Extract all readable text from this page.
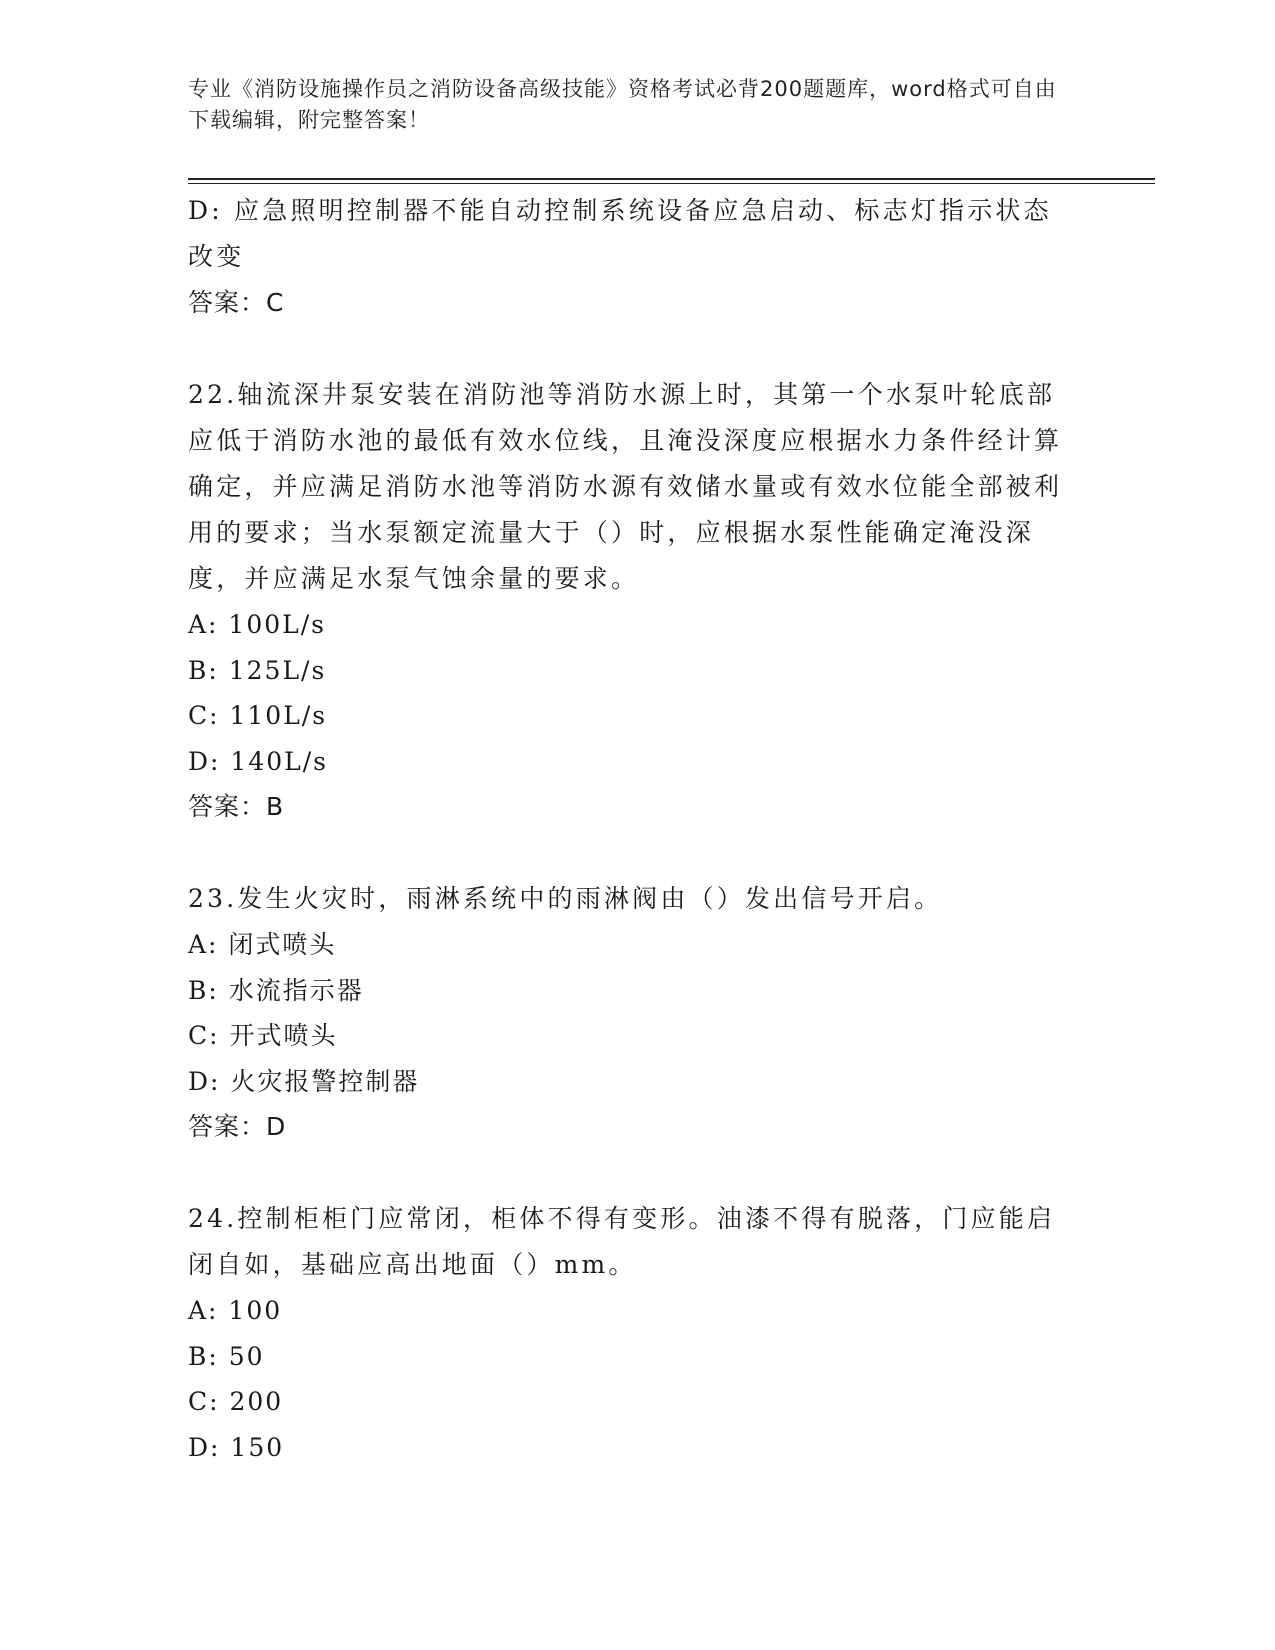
专业《消防设施操作员之消防设备高级技能》资格考试必背200题题库，word格式可自由下载编辑，附完整答案！
D: 应急照明控制器不能自动控制系统设备应急启动、标志灯指示状态改变
答案：C
22.轴流深井泵安装在消防池等消防水源上时，其第一个水泵叶轮底部应低于消防水池的最低有效水位线，且淹没深度应根据水力条件经计算确定，并应满足消防水池等消防水源有效储水量或有效水位能全部被利用的要求；当水泵额定流量大于（）时，应根据水泵性能确定淹没深度，并应满足水泵气蚀余量的要求。
A: 100L/s
B: 125L/s
C: 110L/s
D: 140L/s
答案：B
23.发生火灾时，雨淋系统中的雨淋阀由（）发出信号开启。
A: 闭式喷头
B: 水流指示器
C: 开式喷头
D: 火灾报警控制器
答案：D
24.控制柜柜门应常闭，柜体不得有变形。油漆不得有脱落，门应能启闭自如，基础应高出地面（）mm。
A: 100
B: 50
C: 200
D: 150
